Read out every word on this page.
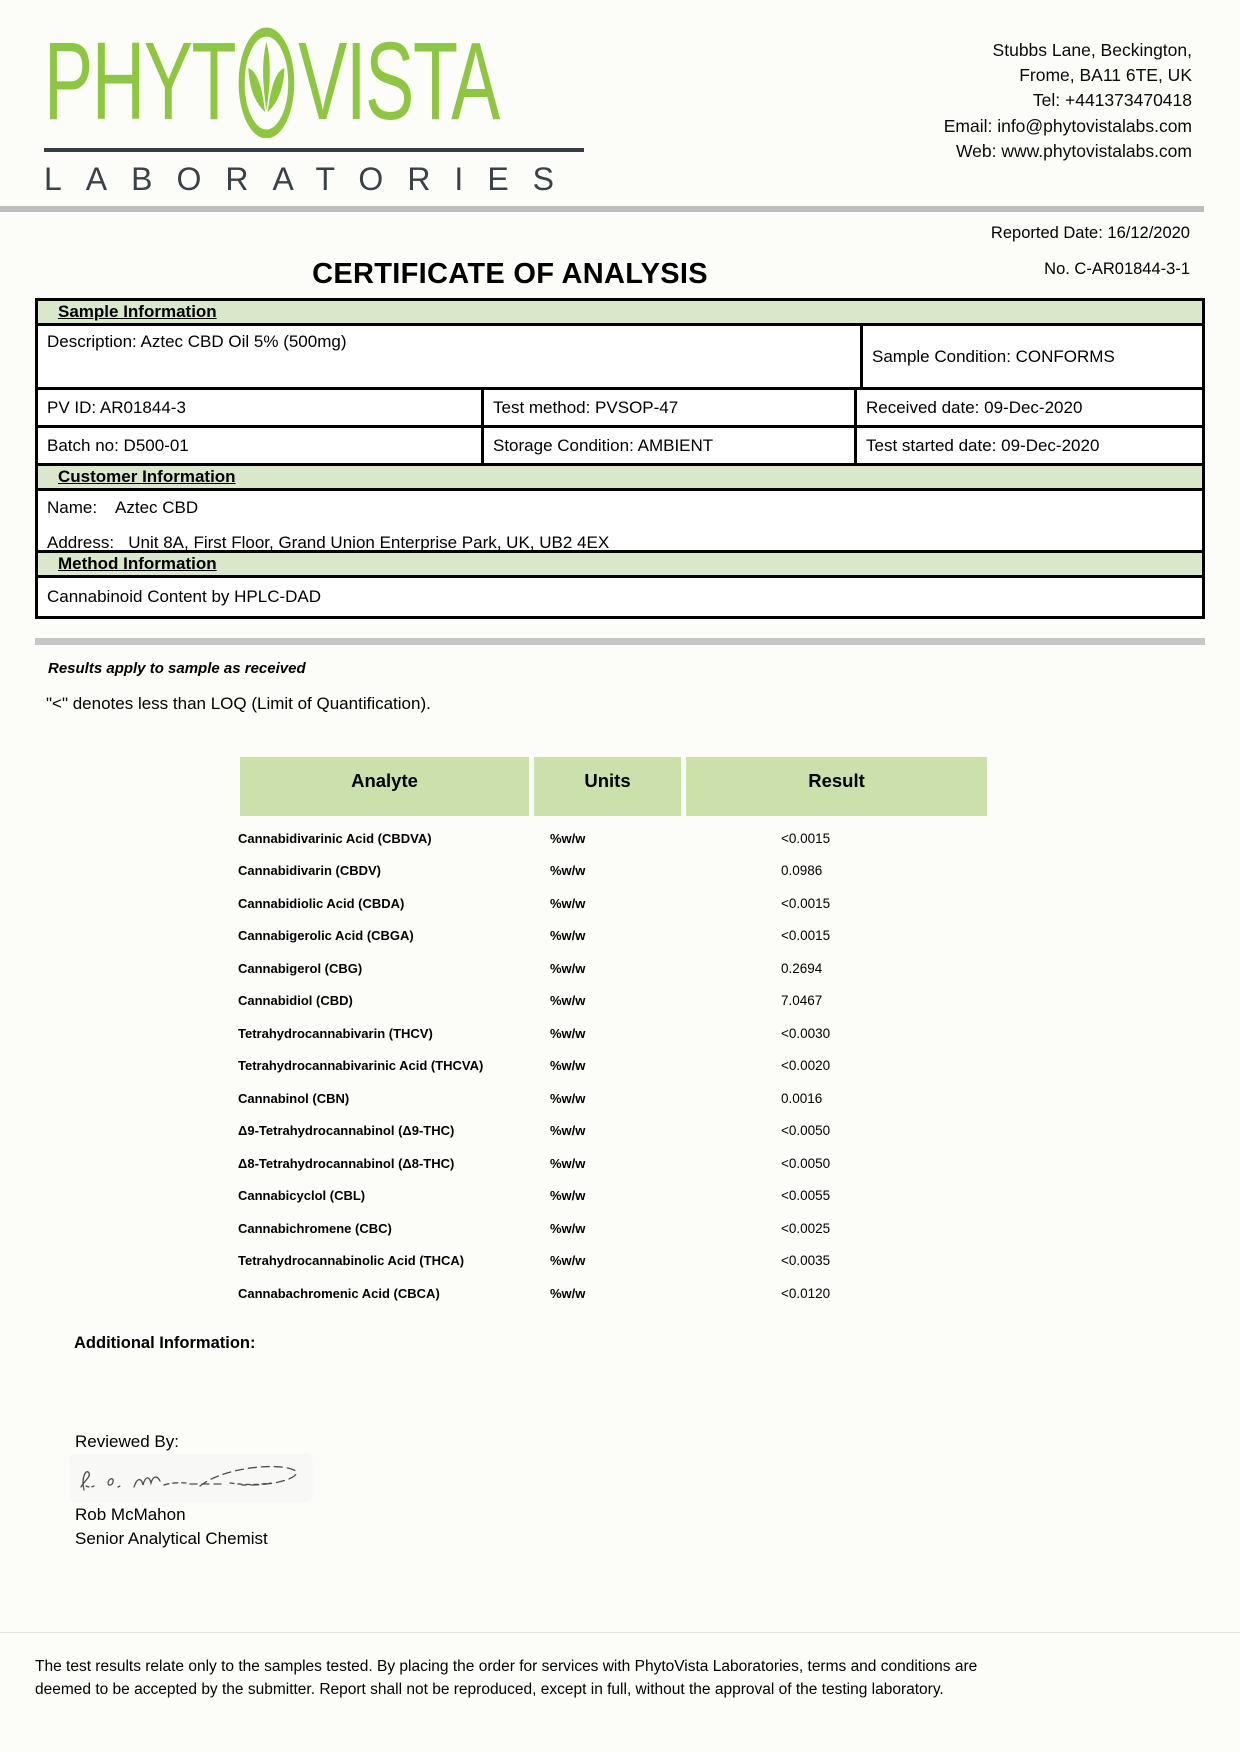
PHYT VISTA
LABORATORIES
Stubbs Lane, Beckington,
Frome, BA11 6TE, UK
Tel: +441373470418
Email: info@phytovistalabs.com
Web: www.phytovistalabs.com
Reported Date: 16/12/2020
No. C-AR01844-3-1
CERTIFICATE OF ANALYSIS
Sample Information
Description: Aztec CBD Oil 5% (500mg)
Sample Condition: CONFORMS
PV ID: AR01844-3	Test method: PVSOP-47	Received date: 09-Dec-2020
Batch no: D500-01	Storage Condition: AMBIENT	Test started date: 09-Dec-2020
Customer Information
Name:    Aztec CBD
Address:   Unit 8A, First Floor, Grand Union Enterprise Park, UK, UB2 4EX
Method Information
Cannabinoid Content by HPLC-DAD
Results apply to sample as received
"<" denotes less than LOQ (Limit of Quantification).
Analyte	Units	Result
Cannabidivarinic Acid (CBDVA)	%w/w	<0.0015
Cannabidivarin (CBDV)	%w/w	0.0986
Cannabidiolic Acid (CBDA)	%w/w	<0.0015
Cannabigerolic Acid (CBGA)	%w/w	<0.0015
Cannabigerol (CBG)	%w/w	0.2694
Cannabidiol (CBD)	%w/w	7.0467
Tetrahydrocannabivarin (THCV)	%w/w	<0.0030
Tetrahydrocannabivarinic Acid (THCVA)	%w/w	<0.0020
Cannabinol (CBN)	%w/w	0.0016
Δ9-Tetrahydrocannabinol (Δ9-THC)	%w/w	<0.0050
Δ8-Tetrahydrocannabinol (Δ8-THC)	%w/w	<0.0050
Cannabicyclol (CBL)	%w/w	<0.0055
Cannabichromene (CBC)	%w/w	<0.0025
Tetrahydrocannabinolic Acid (THCA)	%w/w	<0.0035
Cannabachromenic Acid (CBCA)	%w/w	<0.0120
Additional Information:
Reviewed By:
Rob McMahon
Senior Analytical Chemist
The test results relate only to the samples tested. By placing the order for services with PhytoVista Laboratories, terms and conditions are
deemed to be accepted by the submitter. Report shall not be reproduced, except in full, without the approval of the testing laboratory.
